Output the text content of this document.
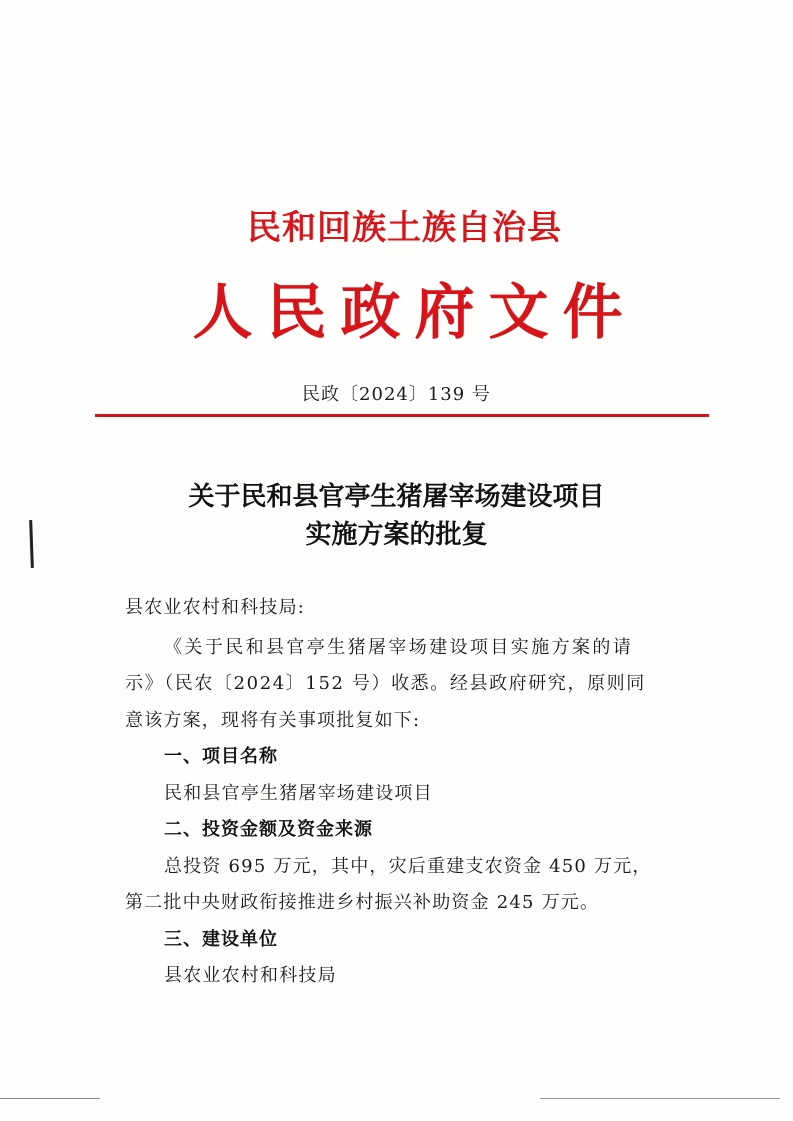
民和回族土族自治县
人民政府文件
民政〔2024〕139 号
关于民和县官亭生猪屠宰场建设项目
实施方案的批复
县农业农村和科技局:
《关于民和县官亭生猪屠宰场建设项目实施方案的请
示》（民农〔2024〕152 号）收悉。经县政府研究，原则同
意该方案，现将有关事项批复如下:
一、项目名称
民和县官亭生猪屠宰场建设项目
二、投资金额及资金来源
总投资 695 万元，其中，灾后重建支农资金 450 万元，
第二批中央财政衔接推进乡村振兴补助资金 245 万元。
三、建设单位
县农业农村和科技局
